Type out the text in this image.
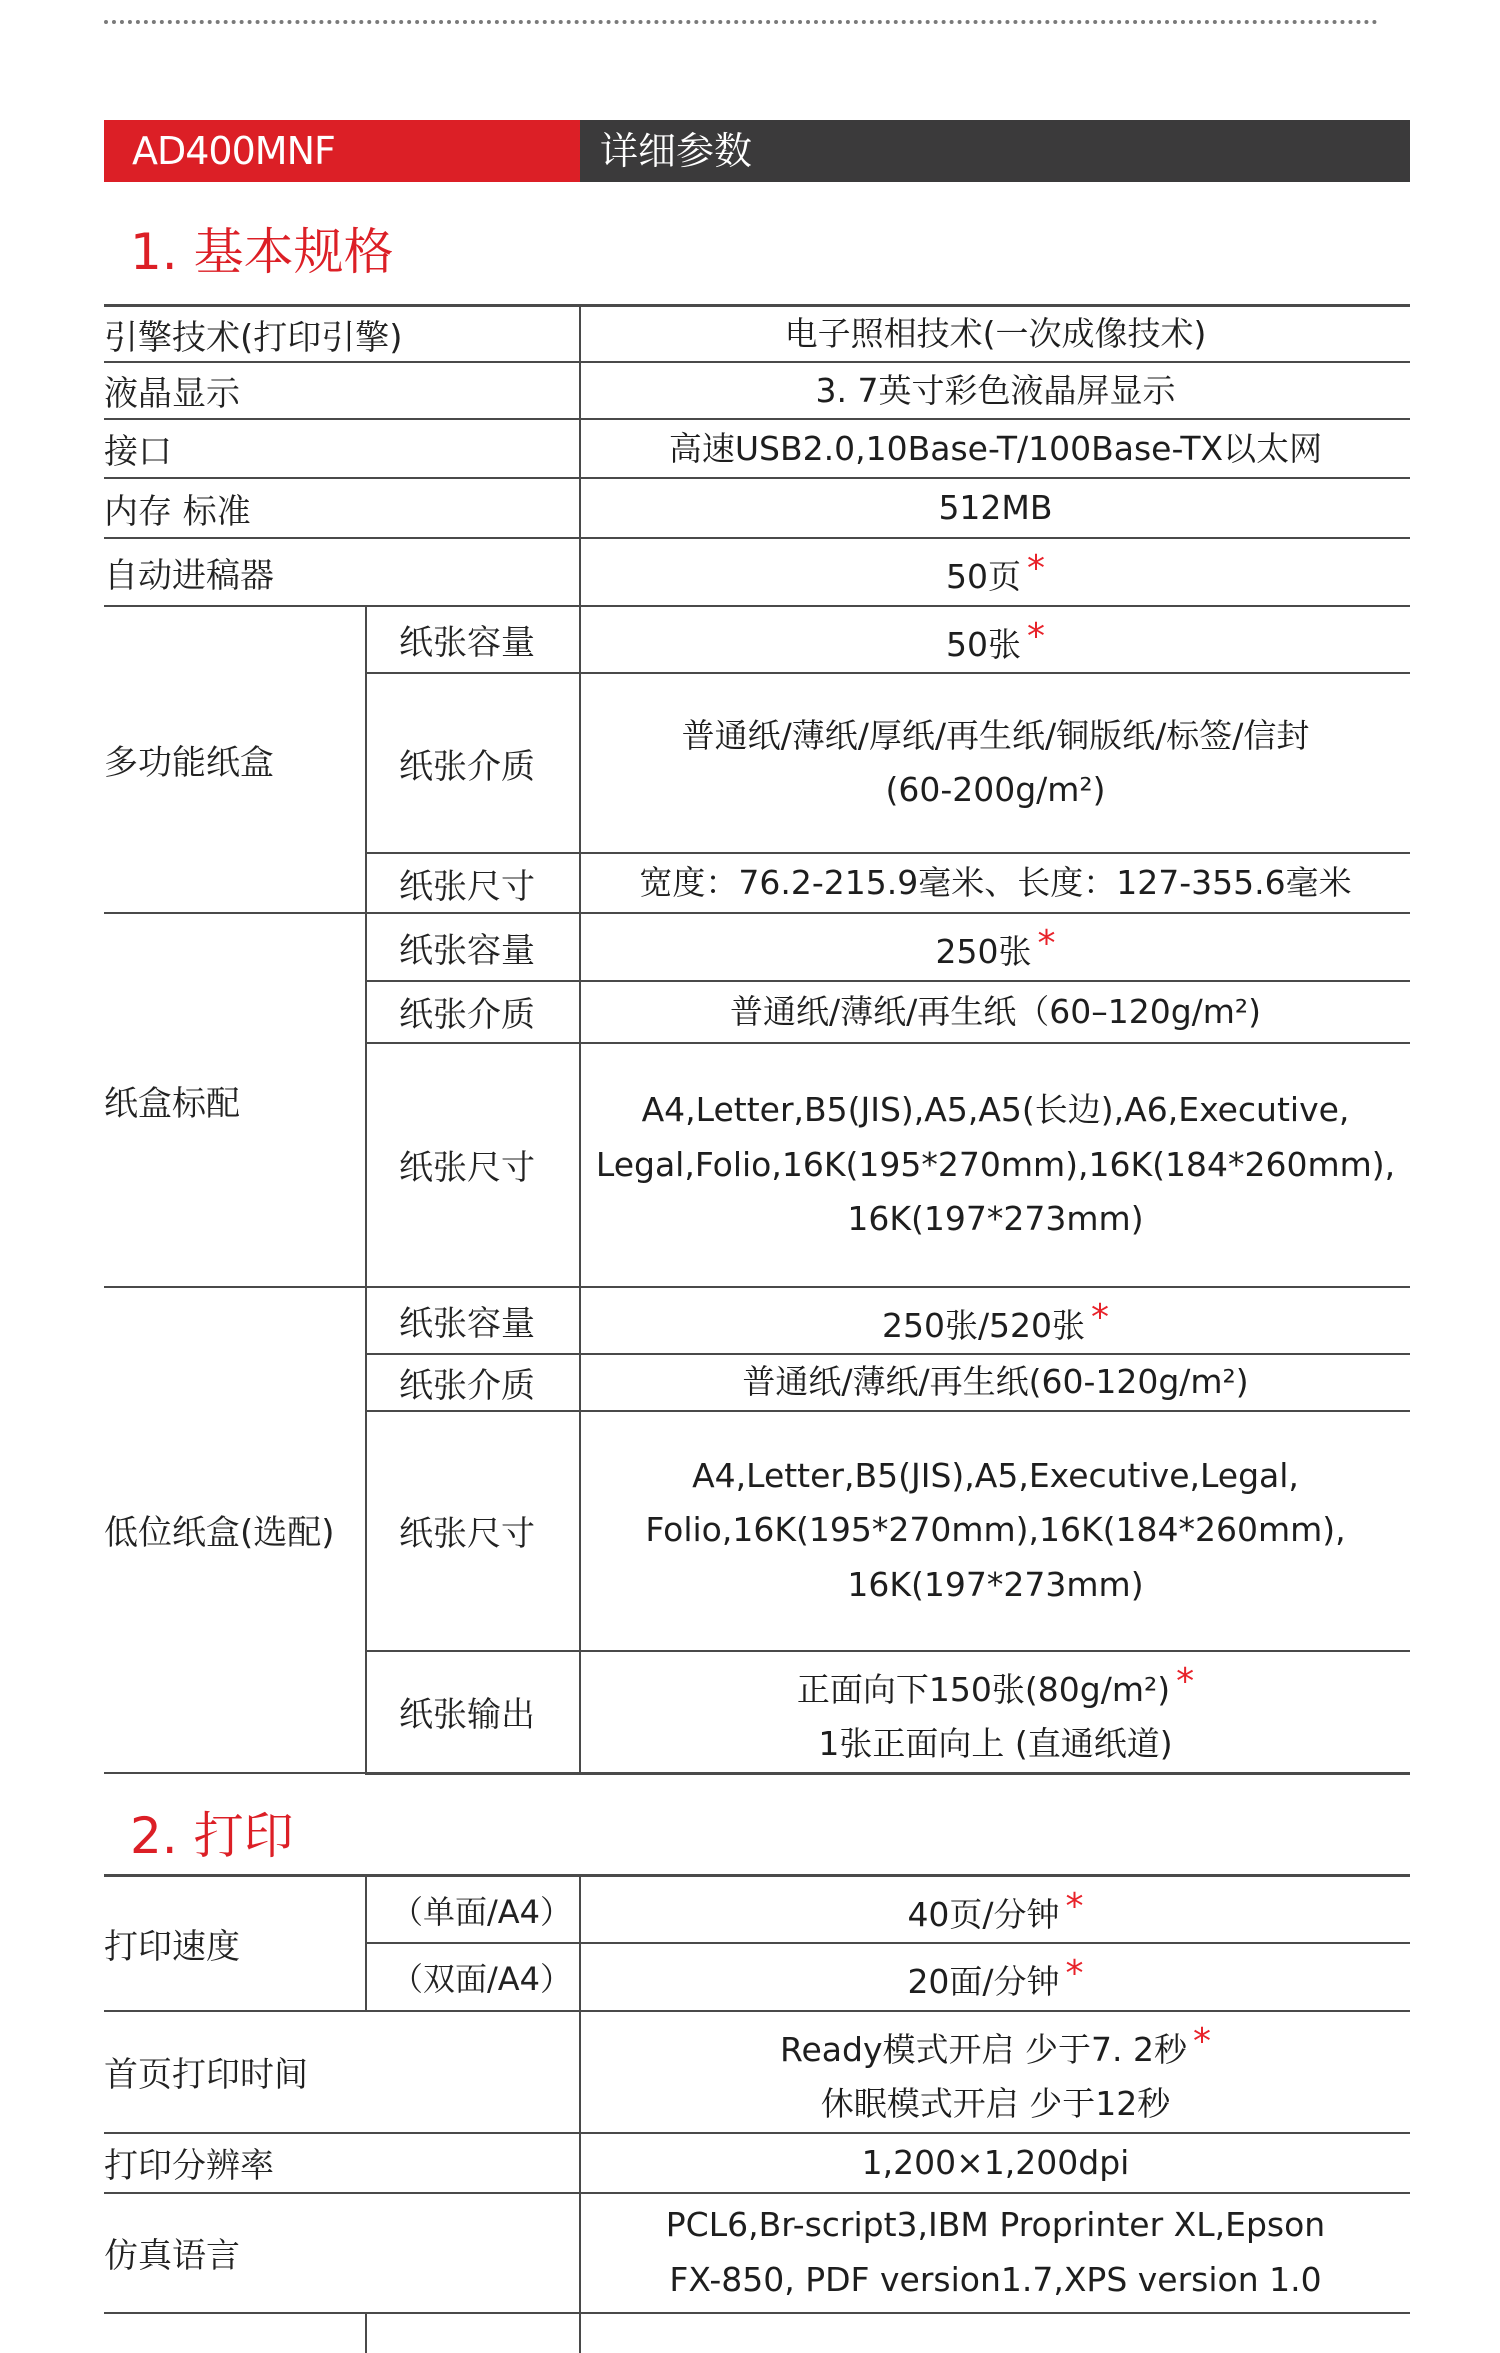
AD400MNF	详细参数
1. 基本规格
引擎技术(打印引擎)		电子照相技术(一次成像技术)
液晶显示		3. 7英寸彩色液晶屏显示
接口		高速USB2.0,10Base-T/100Base-TX以太网
内存 标准		512MB
自动进稿器		50页 *
多功能纸盒	纸张容量	50张 *
	纸张介质	普通纸/薄纸/厚纸/再生纸/铜版纸/标签/信封
(60-200g/m²)

	纸张尺寸	宽度：76.2-215.9毫米、长度：127-355.6毫米
纸盒标配	纸张容量	250张 *
	纸张介质	普通纸/薄纸/再生纸（60–120g/m²)
	纸张尺寸	A4,Letter,B5(JIS),A5,A5(长边),A6,Executive,
Legal,Folio,16K(195*270mm),16K(184*260mm),
16K(197*273mm)

低位纸盒(选配)	纸张容量	250张/520张 *
	纸张介质	普通纸/薄纸/再生纸(60-120g/m²)
	纸张尺寸	A4,Letter,B5(JIS),A5,Executive,Legal,
Folio,16K(195*270mm),16K(184*260mm),
16K(197*273mm)

	纸张输出	正面向下150张(80g/m²) *
1张正面向上 (直通纸道)
2. 打印
打印速度	（单面/A4）	40页/分钟 *
	（双面/A4）	20面/分钟 *
首页打印时间		Ready模式开启 少于7. 2秒 *
休眠模式开启 少于12秒

打印分辨率		1,200×1,200dpi
仿真语言		PCL6,Br-script3,IBM Proprinter XL,Epson
FX-850, PDF version1.7,XPS version 1.0
